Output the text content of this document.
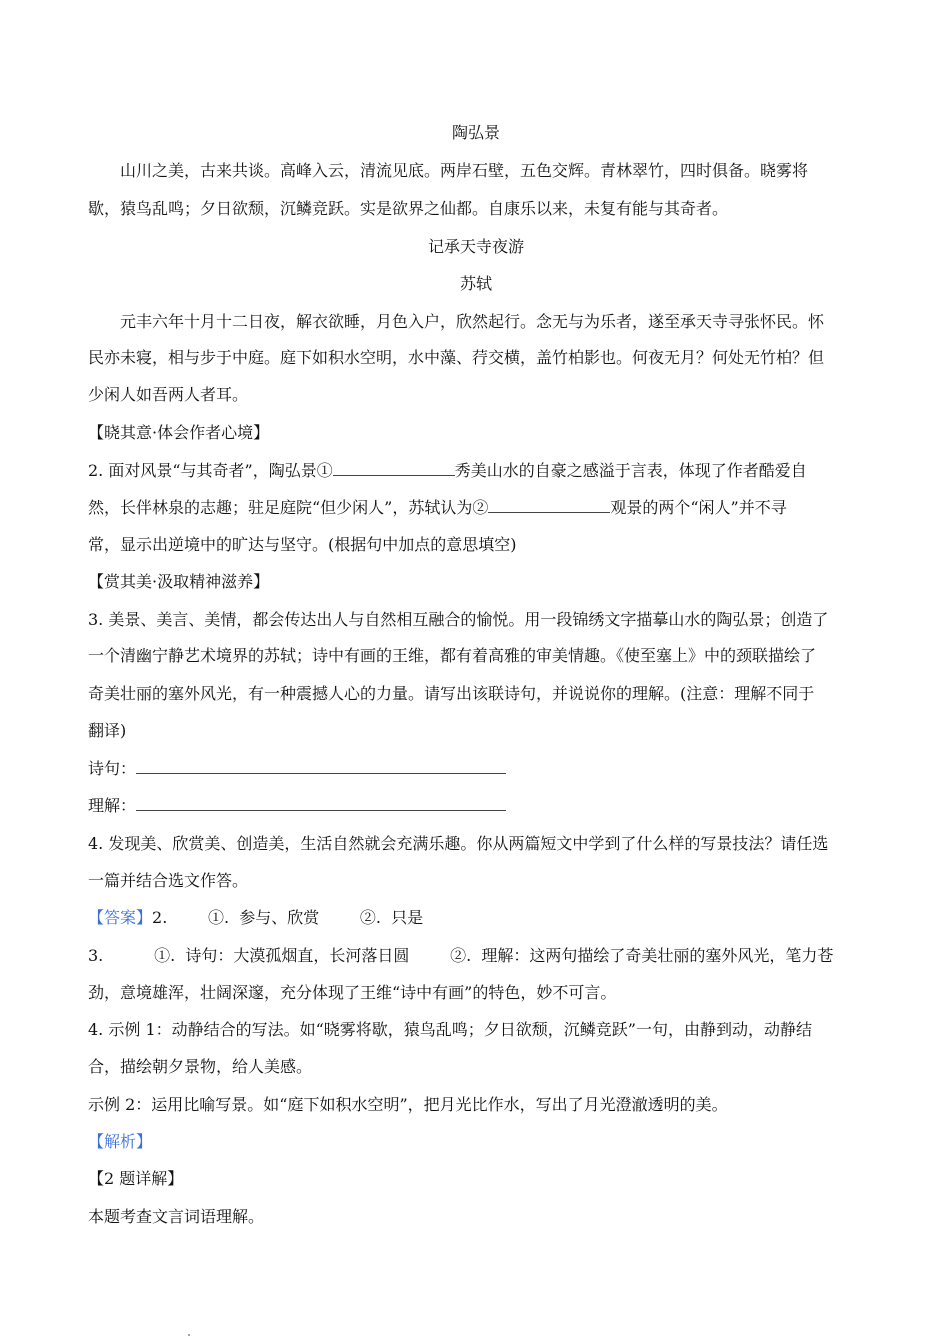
陶弘景
山川之美，古来共谈。高峰入云，清流见底。两岸石壁，五色交辉。青林翠竹，四时俱备。晓雾将
歇，猿鸟乱鸣；夕日欲颓，沉鳞竞跃。实是欲界之仙都。自康乐以来，未复有能与其奇者。
记承天寺夜游
苏轼
元丰六年十月十二日夜，解衣欲睡，月色入户，欣然起行。念无与为乐者，遂至承天寺寻张怀民。怀
民亦未寝，相与步于中庭。庭下如积水空明，水中藻、荇交横，盖竹柏影也。何夜无月？何处无竹柏？但
少闲人如吾两人者耳。
【晓其意·体会作者心境】
2. 面对风景“与其奇者”，陶弘景①	秀美山水的自豪之感溢于言表，体现了作者酷爱自
然，长伴林泉的志趣；驻足庭院“但少闲人”，苏轼认为②	观景的两个“闲人”并不寻
常，显示出逆境中的旷达与坚守。(根据句中加点的意思填空)
【赏其美·汲取精神滋养】
3. 美景、美言、美情，都会传达出人与自然相互融合的愉悦。用一段锦绣文字描摹山水的陶弘景；创造了
一个清幽宁静艺术境界的苏轼；诗中有画的王维，都有着高雅的审美情趣。《使至塞上》中的颈联描绘了
奇美壮丽的塞外风光，有一种震撼人心的力量。请写出该联诗句，并说说你的理解。(注意：理解不同于
翻译)
诗句：
理解：
4. 发现美、欣赏美、创造美，生活自然就会充满乐趣。你从两篇短文中学到了什么样的写景技法？请任选
一篇并结合选文作答。
【答案】2.        ①.  参与、欣赏        ②.  只是
3.          ①.  诗句：大漠孤烟直，长河落日圆        ②.  理解：这两句描绘了奇美壮丽的塞外风光，笔力苍
劲，意境雄浑，壮阔深邃，充分体现了王维“诗中有画”的特色，妙不可言。
4. 示例 1：动静结合的写法。如“晓雾将歇，猿鸟乱鸣；夕日欲颓，沉鳞竞跃”一句，由静到动，动静结
合，描绘朝夕景物，给人美感。
示例 2：运用比喻写景。如“庭下如积水空明”，把月光比作水，写出了月光澄澈透明的美。
【解析】
【2 题详解】
本题考查文言词语理解。
